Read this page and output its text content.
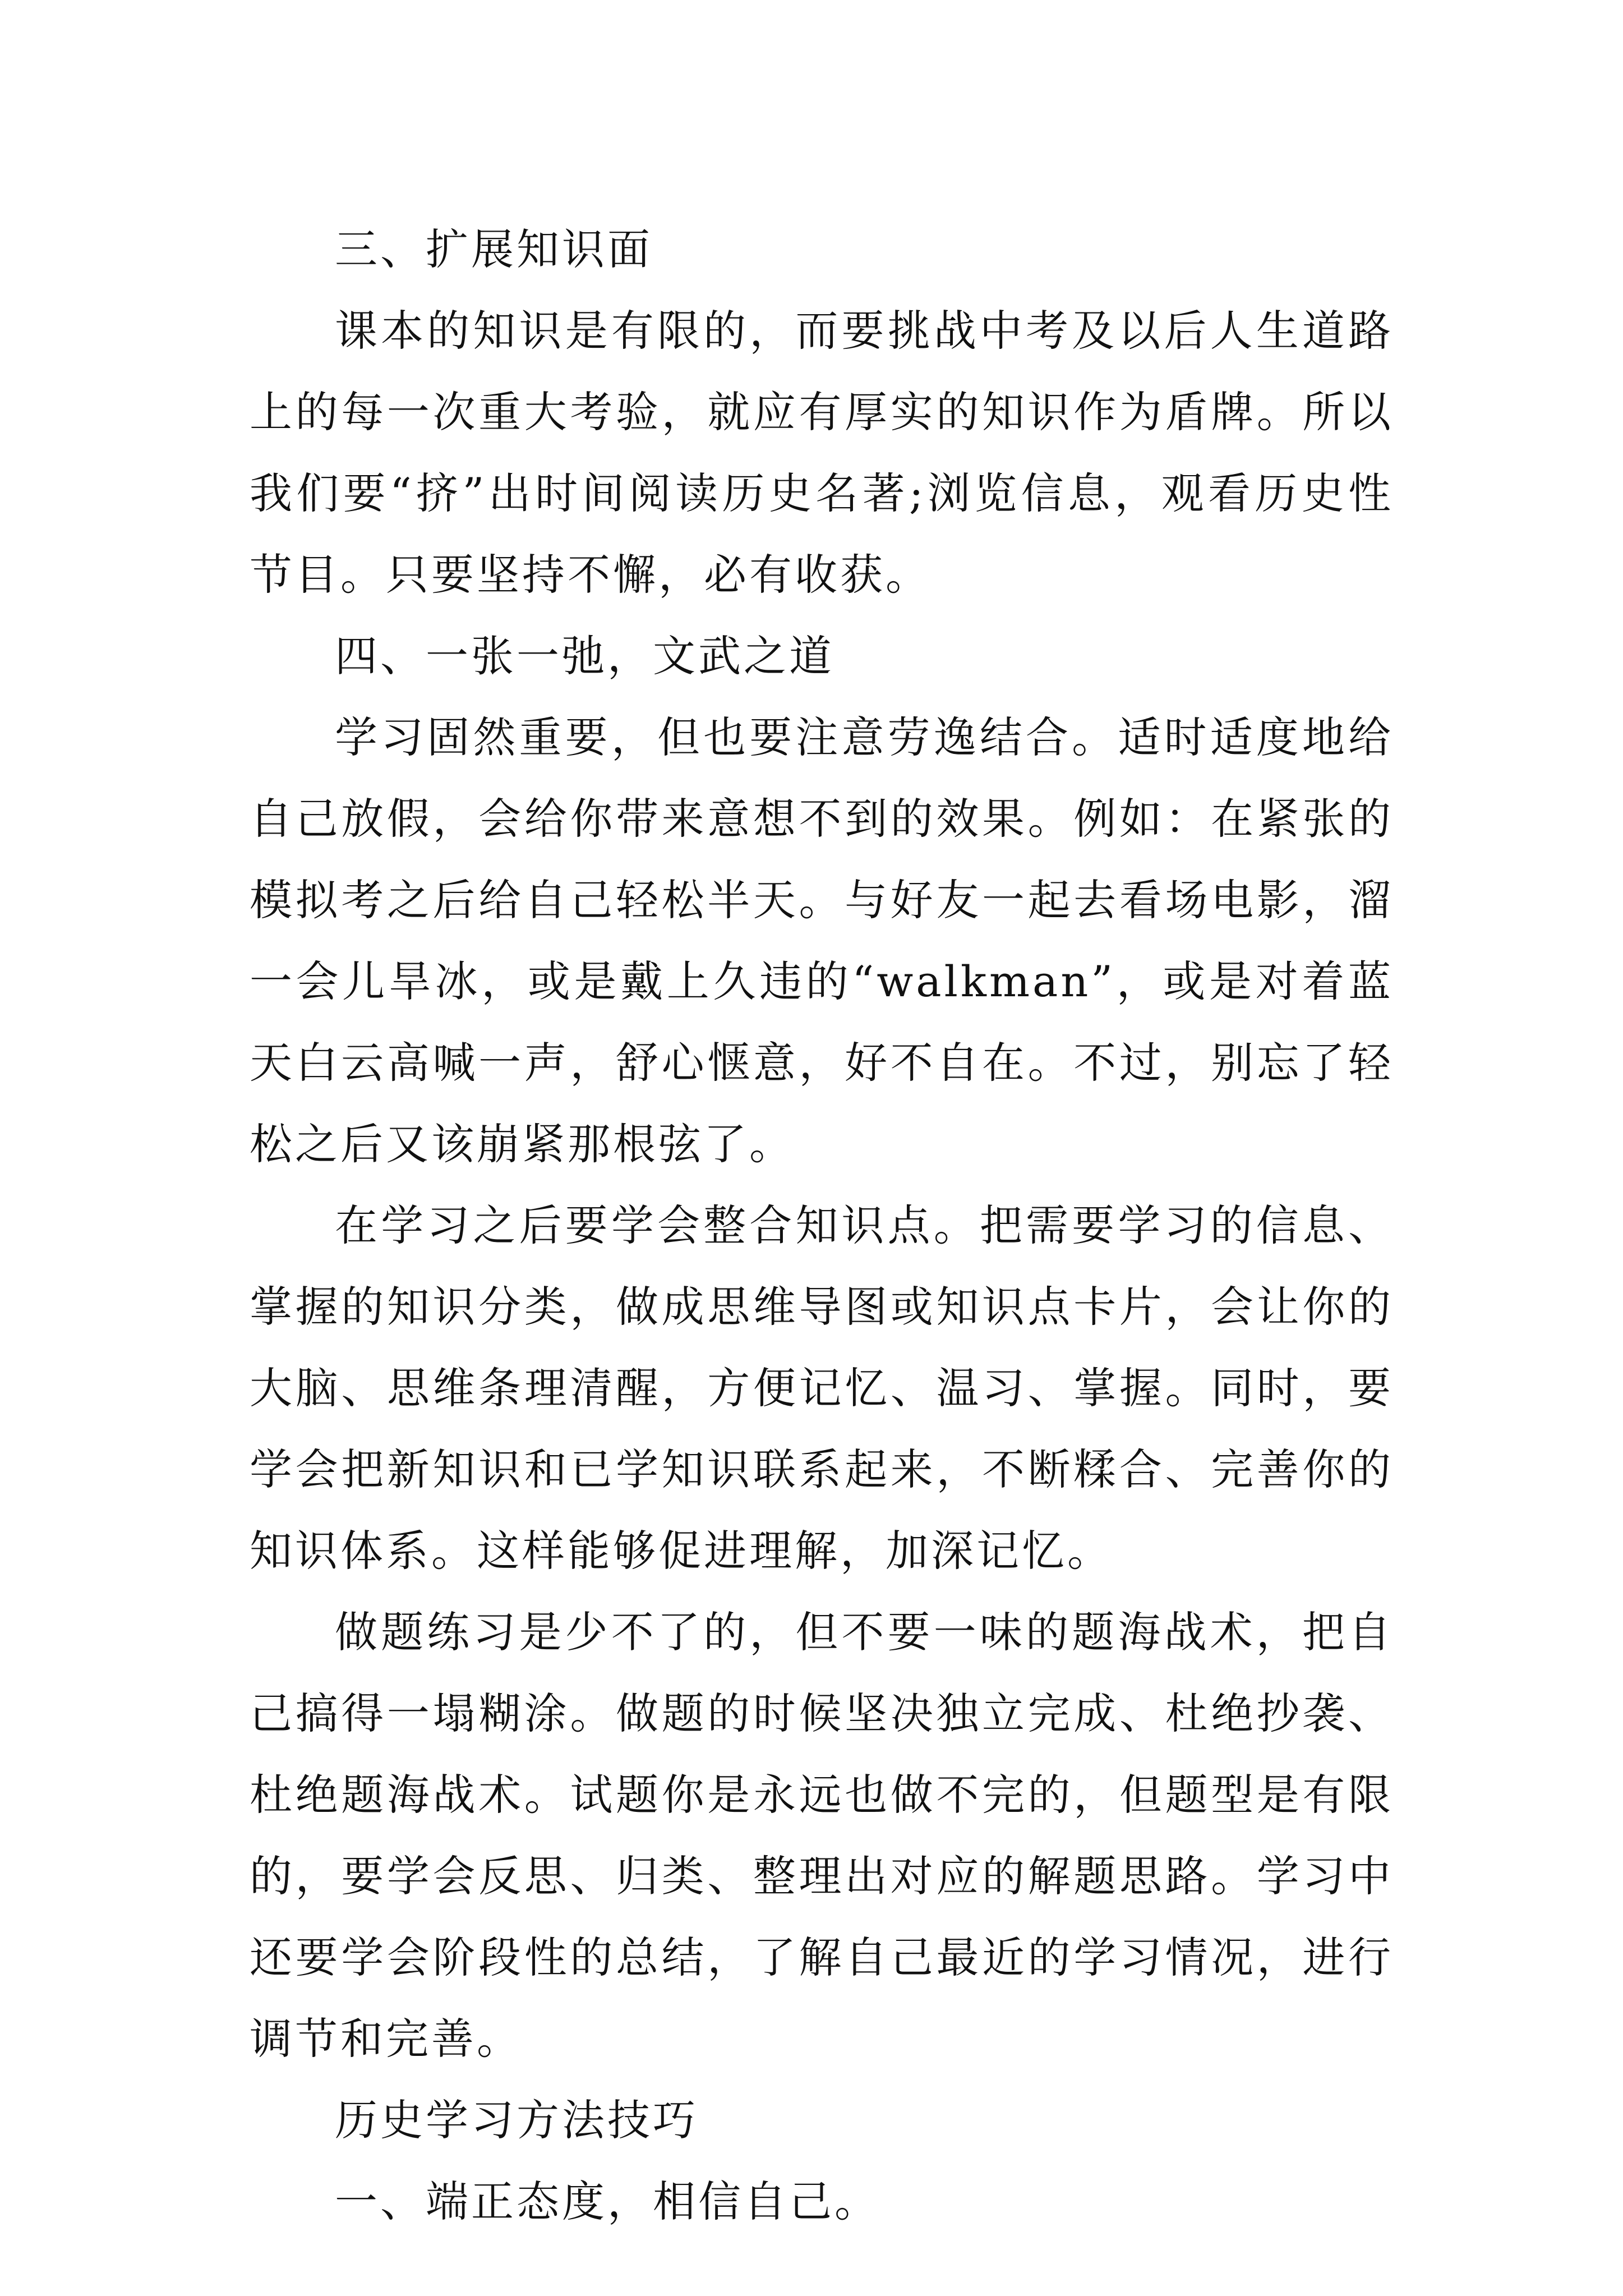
三、扩展知识面

课本的知识是有限的，而要挑战中考及以后人生道路上的每一次重大考验，就应有厚实的知识作为盾牌。所以我们要“挤”出时间阅读历史名著;浏览信息，观看历史性节目。只要坚持不懈，必有收获。

四、一张一弛，文武之道

学习固然重要，但也要注意劳逸结合。适时适度地给自己放假，会给你带来意想不到的效果。例如：在紧张的模拟考之后给自己轻松半天。与好友一起去看场电影，溜一会儿旱冰，或是戴上久违的“walkman”，或是对着蓝天白云高喊一声，舒心惬意，好不自在。不过，别忘了轻松之后又该崩紧那根弦了。

在学习之后要学会整合知识点。把需要学习的信息、掌握的知识分类，做成思维导图或知识点卡片，会让你的大脑、思维条理清醒，方便记忆、温习、掌握。同时，要学会把新知识和已学知识联系起来，不断糅合、完善你的知识体系。这样能够促进理解，加深记忆。

做题练习是少不了的，但不要一味的题海战术，把自己搞得一塌糊涂。做题的时候坚决独立完成、杜绝抄袭、杜绝题海战术。试题你是永远也做不完的，但题型是有限的，要学会反思、归类、整理出对应的解题思路。学习中还要学会阶段性的总结，了解自己最近的学习情况，进行调节和完善。

历史学习方法技巧

一、端正态度，相信自己。
